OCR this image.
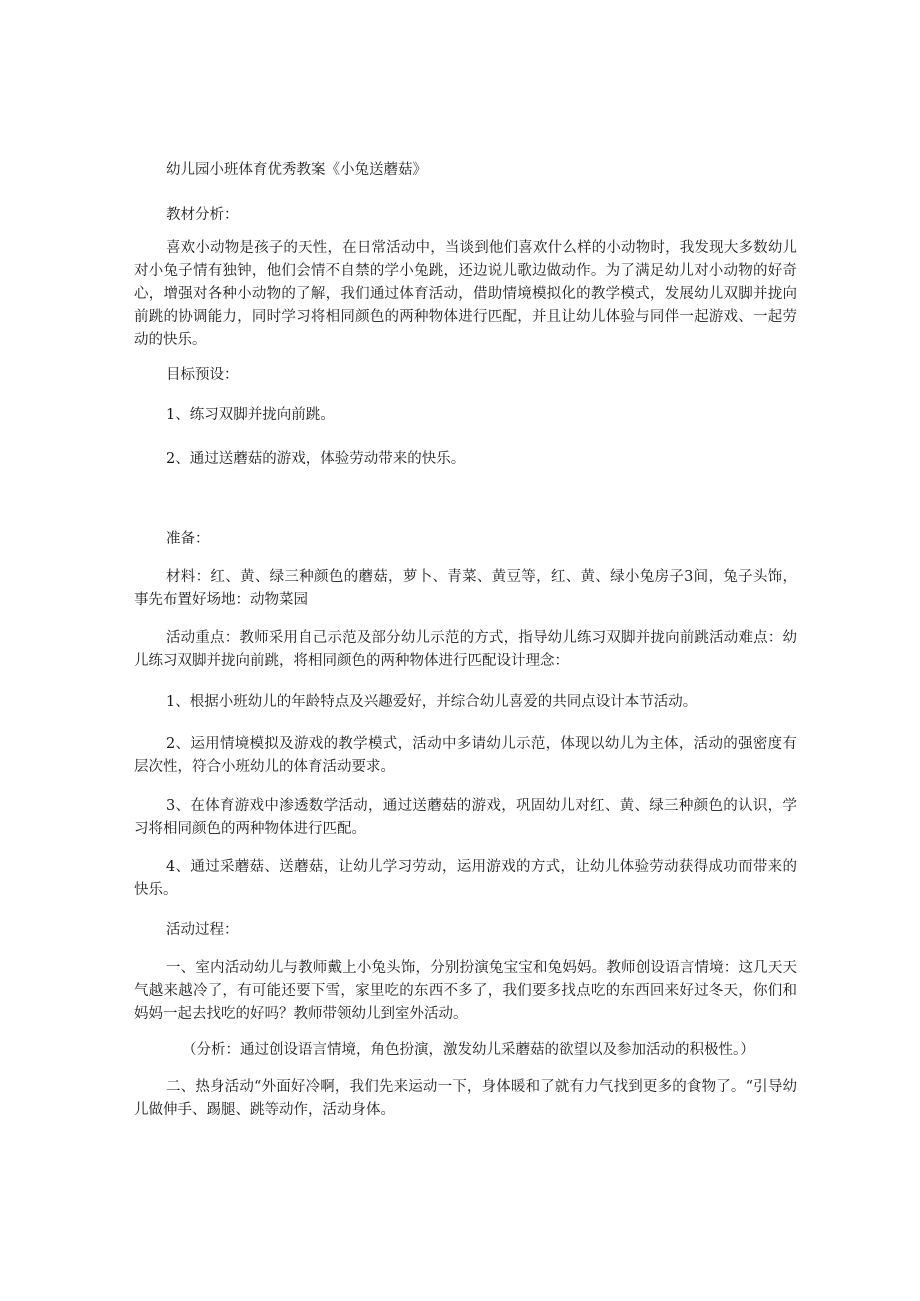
幼儿园小班体育优秀教案《小兔送蘑菇》
教材分析：
喜欢小动物是孩子的天性，在日常活动中，当谈到他们喜欢什么样的小动物时，我发现大多数幼儿对小兔子情有独钟，他们会情不自禁的学小兔跳，还边说儿歌边做动作。为了满足幼儿对小动物的好奇心，增强对各种小动物的了解，我们通过体育活动，借助情境模拟化的教学模式，发展幼儿双脚并拢向前跳的协调能力，同时学习将相同颜色的两种物体进行匹配，并且让幼儿体验与同伴一起游戏、一起劳动的快乐。
目标预设：
1、练习双脚并拢向前跳。
2、通过送蘑菇的游戏，体验劳动带来的快乐。
准备：
材料：红、黄、绿三种颜色的蘑菇，萝卜、青菜、黄豆等，红、黄、绿小兔房子3间，兔子头饰，事先布置好场地：动物菜园
活动重点：教师采用自己示范及部分幼儿示范的方式，指导幼儿练习双脚并拢向前跳活动难点：幼儿练习双脚并拢向前跳，将相同颜色的两种物体进行匹配设计理念：
1、根据小班幼儿的年龄特点及兴趣爱好，并综合幼儿喜爱的共同点设计本节活动。
2、运用情境模拟及游戏的教学模式，活动中多请幼儿示范，体现以幼儿为主体，活动的强密度有层次性，符合小班幼儿的体育活动要求。
3、在体育游戏中渗透数学活动，通过送蘑菇的游戏，巩固幼儿对红、黄、绿三种颜色的认识，学习将相同颜色的两种物体进行匹配。
4、通过采蘑菇、送蘑菇，让幼儿学习劳动，运用游戏的方式，让幼儿体验劳动获得成功而带来的快乐。
活动过程：
一、室内活动幼儿与教师戴上小兔头饰，分别扮演兔宝宝和兔妈妈。教师创设语言情境：这几天天气越来越冷了，有可能还要下雪，家里吃的东西不多了，我们要多找点吃的东西回来好过冬天，你们和妈妈一起去找吃的好吗？教师带领幼儿到室外活动。
（分析：通过创设语言情境，角色扮演，激发幼儿采蘑菇的欲望以及参加活动的积极性。）
二、热身活动“外面好冷啊，我们先来运动一下，身体暖和了就有力气找到更多的食物了。“引导幼儿做伸手、踢腿、跳等动作，活动身体。
